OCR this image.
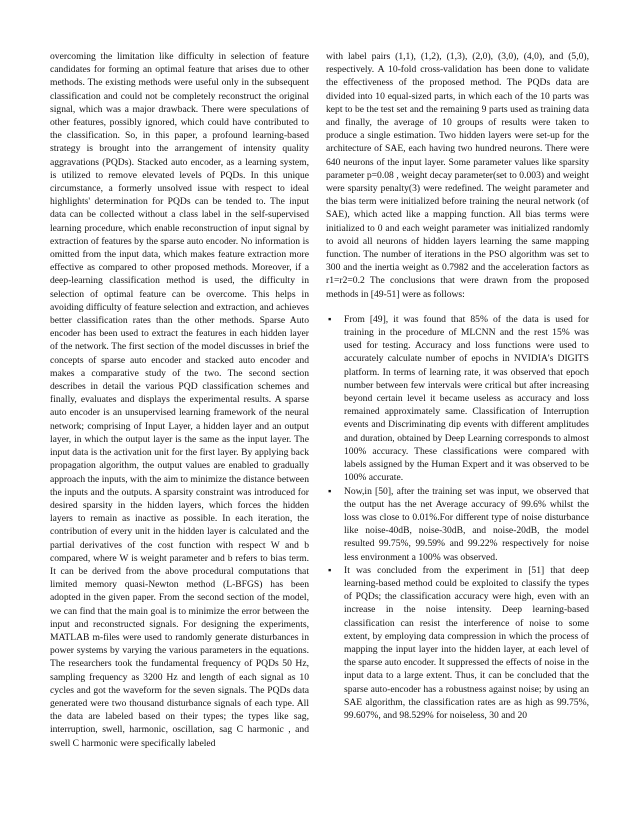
overcoming the limitation like difficulty in selection of feature candidates for forming an optimal feature that arises due to other methods. The existing methods were useful only in the subsequent classification and could not be completely reconstruct the original signal, which was a major drawback. There were speculations of other features, possibly ignored, which could have contributed to the classification. So, in this paper, a profound learning-based strategy is brought into the arrangement of intensity quality aggravations (PQDs). Stacked auto encoder, as a learning system, is utilized to remove elevated levels of PQDs. In this unique circumstance, a formerly unsolved issue with respect to ideal highlights' determination for PQDs can be tended to. The input data can be collected without a class label in the self-supervised learning procedure, which enable reconstruction of input signal by extraction of features by the sparse auto encoder. No information is omitted from the input data, which makes feature extraction more effective as compared to other proposed methods. Moreover, if a deep-learning classification method is used, the difficulty in selection of optimal feature can be overcome. This helps in avoiding difficulty of feature selection and extraction, and achieves better classification rates than the other methods. Sparse Auto encoder has been used to extract the features in each hidden layer of the network. The first section of the model discusses in brief the concepts of sparse auto encoder and stacked auto encoder and makes a comparative study of the two. The second section describes in detail the various PQD classification schemes and finally, evaluates and displays the experimental results. A sparse auto encoder is an unsupervised learning framework of the neural network; comprising of Input Layer, a hidden layer and an output layer, in which the output layer is the same as the input layer. The input data is the activation unit for the first layer. By applying back propagation algorithm, the output values are enabled to gradually approach the inputs, with the aim to minimize the distance between the inputs and the outputs. A sparsity constraint was introduced for desired sparsity in the hidden layers, which forces the hidden layers to remain as inactive as possible. In each iteration, the contribution of every unit in the hidden layer is calculated and the partial derivatives of the cost function with respect W and b compared, where W is weight parameter and b refers to bias term. It can be derived from the above procedural computations that limited memory quasi-Newton method (L-BFGS) has been adopted in the given paper. From the second section of the model, we can find that the main goal is to minimize the error between the input and reconstructed signals. For designing the experiments, MATLAB m-files were used to randomly generate disturbances in power systems by varying the various parameters in the equations. The researchers took the fundamental frequency of PQDs 50 Hz, sampling frequency as 3200 Hz and length of each signal as 10 cycles and got the waveform for the seven signals. The PQDs data generated were two thousand disturbance signals of each type. All the data are labeled based on their types; the types like sag, interruption, swell, harmonic, oscillation, sag C harmonic , and swell C harmonic were specifically labeled

with label pairs (1,1), (1,2), (1,3), (2,0), (3,0), (4,0), and (5,0), respectively. A 10-fold cross-validation has been done to validate the effectiveness of the proposed method. The PQDs data are divided into 10 equal-sized parts, in which each of the 10 parts was kept to be the test set and the remaining 9 parts used as training data and finally, the average of 10 groups of results were taken to produce a single estimation. Two hidden layers were set-up for the architecture of SAE, each having two hundred neurons. There were 640 neurons of the input layer. Some parameter values like sparsity parameter p=0.08 , weight decay parameter(set to 0.003) and weight were sparsity penalty(3) were redefined. The weight parameter and the bias term were initialized before training the neural network (of SAE), which acted like a mapping function. All bias terms were initialized to 0 and each weight parameter was initialized randomly to avoid all neurons of hidden layers learning the same mapping function. The number of iterations in the PSO algorithm was set to 300 and the inertia weight as 0.7982 and the acceleration factors as r1=r2=0.2 The conclusions that were drawn from the proposed methods in [49-51] were as follows:

▪	From [49], it was found that 85% of the data is used for training in the procedure of MLCNN and the rest 15% was used for testing. Accuracy and loss functions were used to accurately calculate number of epochs in NVIDIA's DIGITS platform. In terms of learning rate, it was observed that epoch number between few intervals were critical but after increasing beyond certain level it became useless as accuracy and loss remained approximately same. Classification of Interruption events and Discriminating dip events with different amplitudes and duration, obtained by Deep Learning corresponds to almost 100% accuracy. These classifications were compared with labels assigned by the Human Expert and it was observed to be 100% accurate.
▪	Now,in [50], after the training set was input, we observed that the output has the net Average accuracy of 99.6% whilst the loss was close to 0.01%.For different type of noise disturbance like noise-40dB, noise-30dB, and noise-20dB, the model resulted 99.75%, 99.59% and 99.22% respectively for noise less environment a 100% was observed.
▪	It was concluded from the experiment in [51] that deep learning-based method could be exploited to classify the types of PQDs; the classification accuracy were high, even with an increase in the noise intensity. Deep learning-based classification can resist the interference of noise to some extent, by employing data compression in which the process of mapping the input layer into the hidden layer, at each level of the sparse auto encoder. It suppressed the effects of noise in the input data to a large extent. Thus, it can be concluded that the sparse auto-encoder has a robustness against noise; by using an SAE algorithm, the classification rates are as high as 99.75%, 99.607%, and 98.529% for noiseless, 30 and 20
